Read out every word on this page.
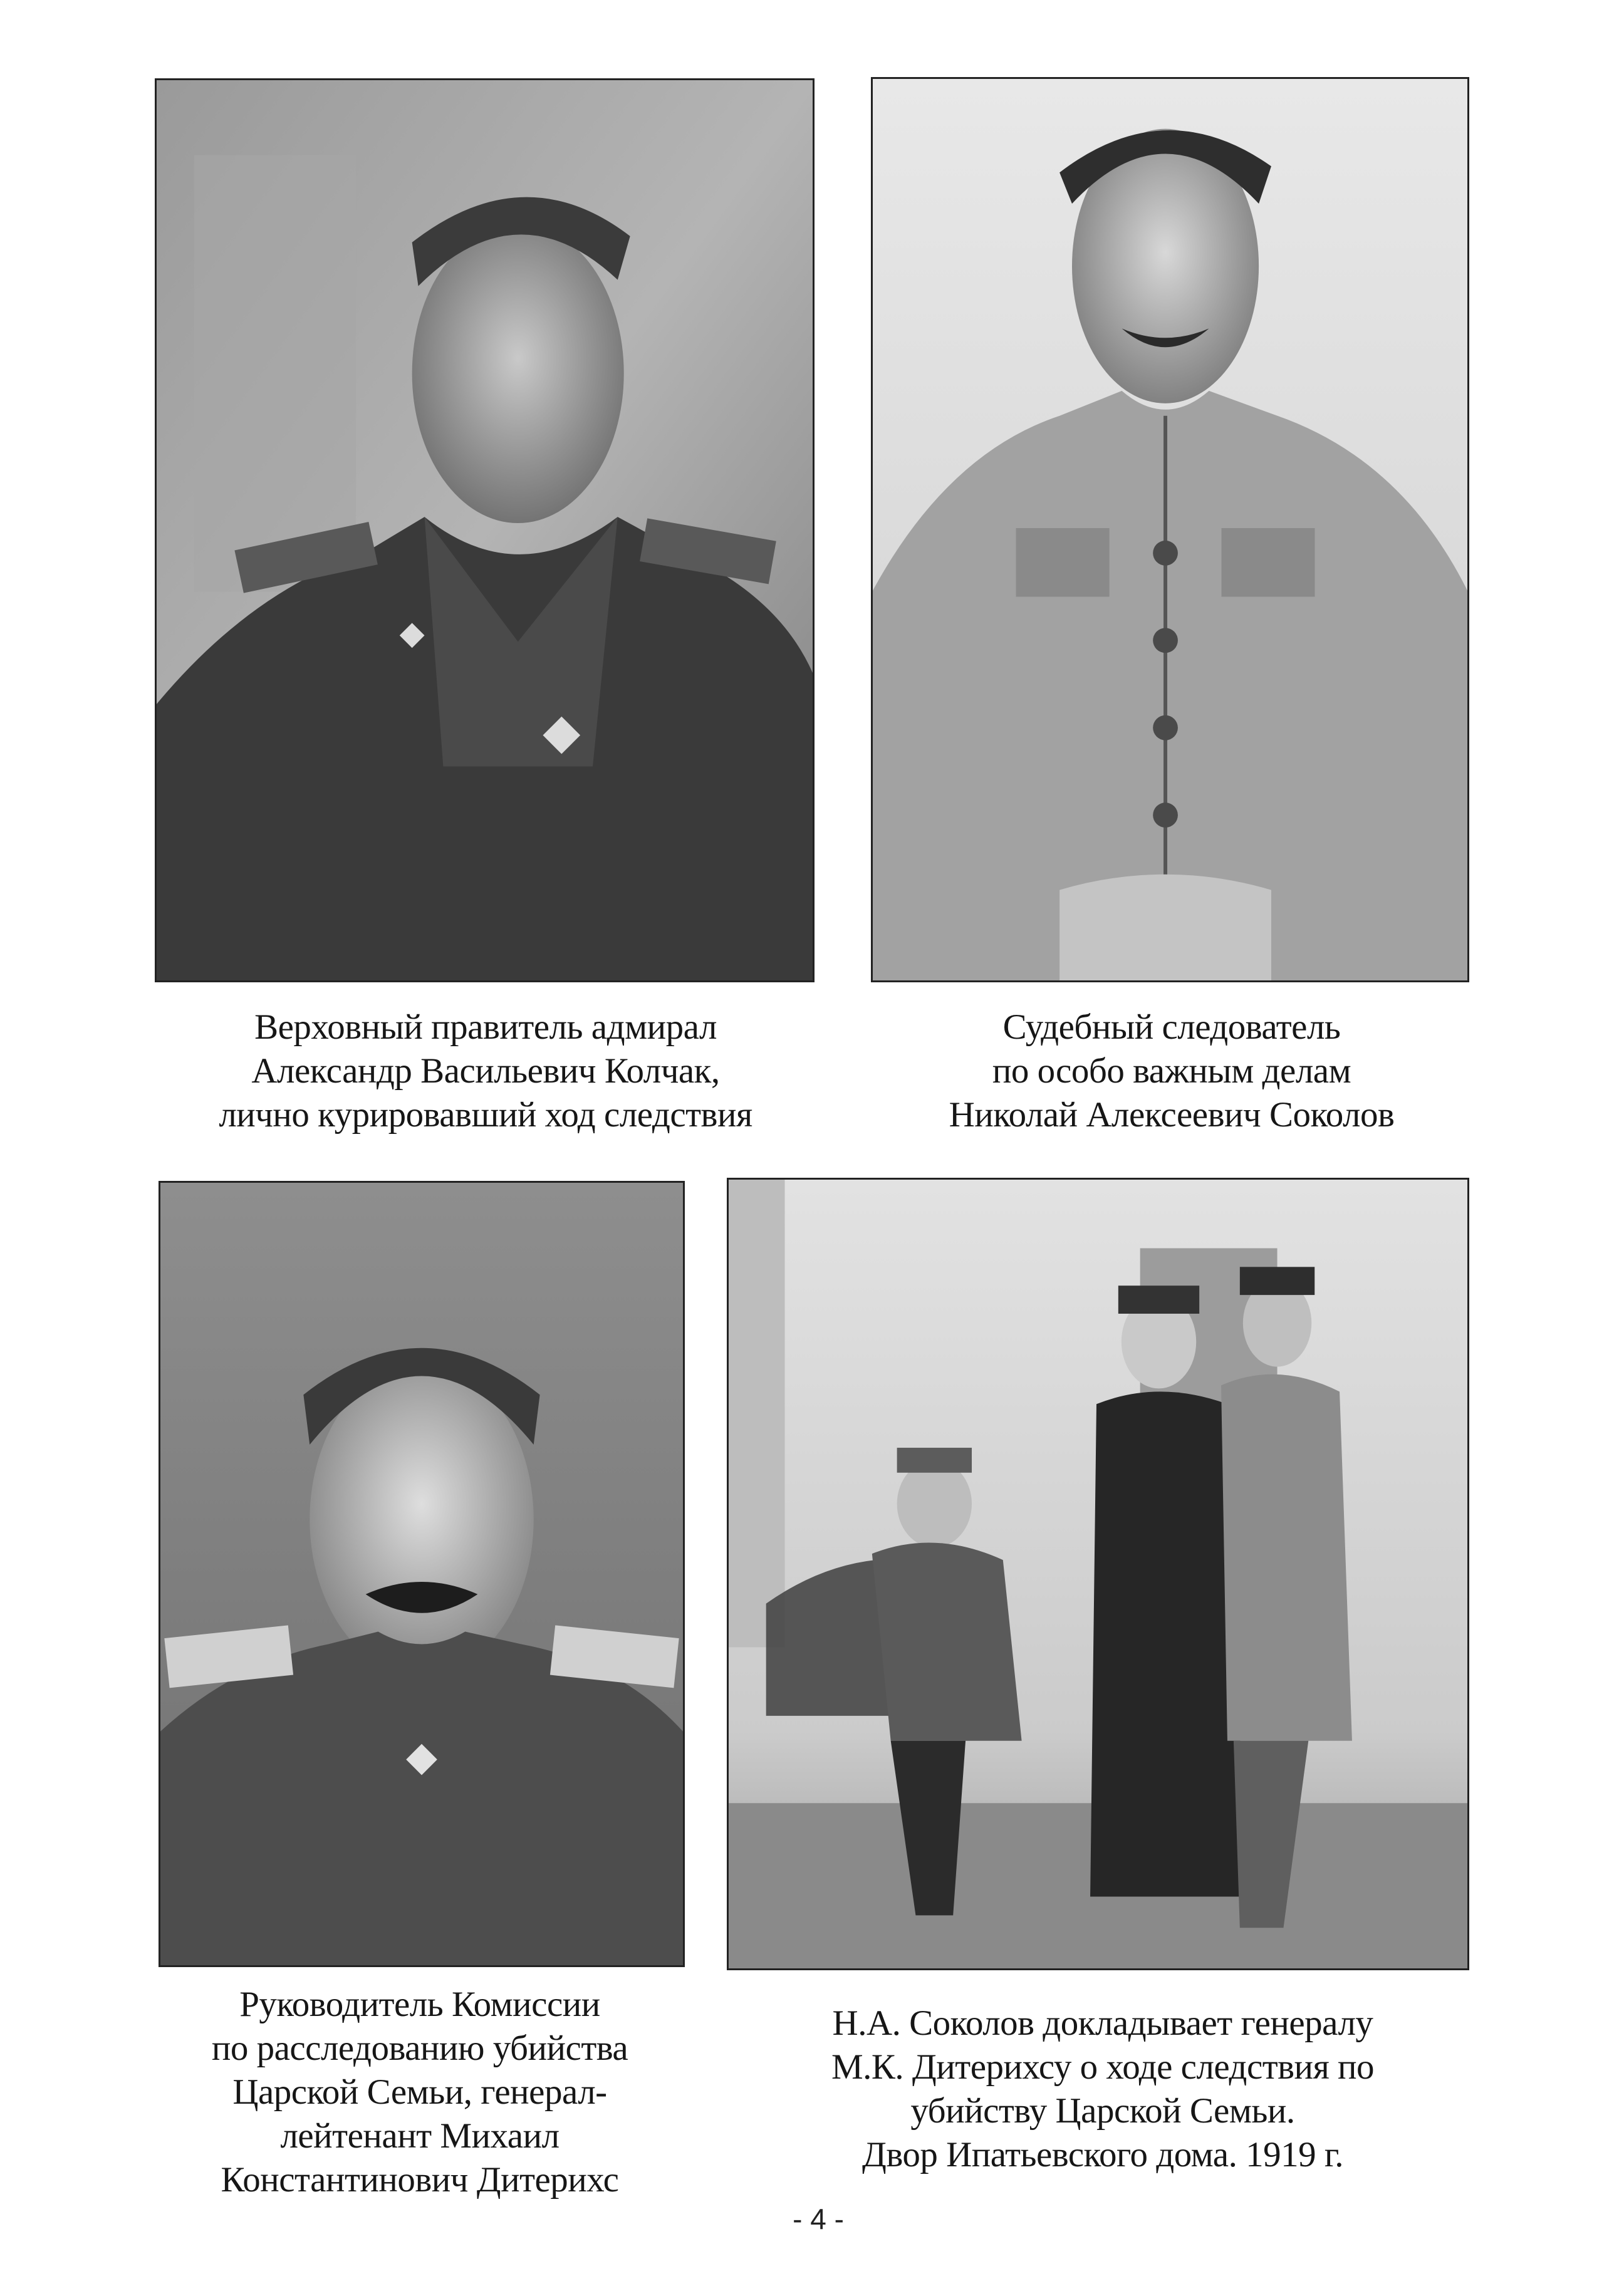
Верховный правитель адмирал
Александр Васильевич Колчак,
лично курировавший ход следствия
Судебный следователь
по особо важным делам
Николай Алексеевич Соколов
Руководитель Комиссии
по расследованию убийства
Царской Семьи, генерал-
лейтенант Михаил
Константинович Дитерихс
Н.А. Соколов докладывает генералу
М.К. Дитерихсу о ходе следствия по
убийству Царской Семьи.
Двор Ипатьевского дома. 1919 г.
- 4 -
